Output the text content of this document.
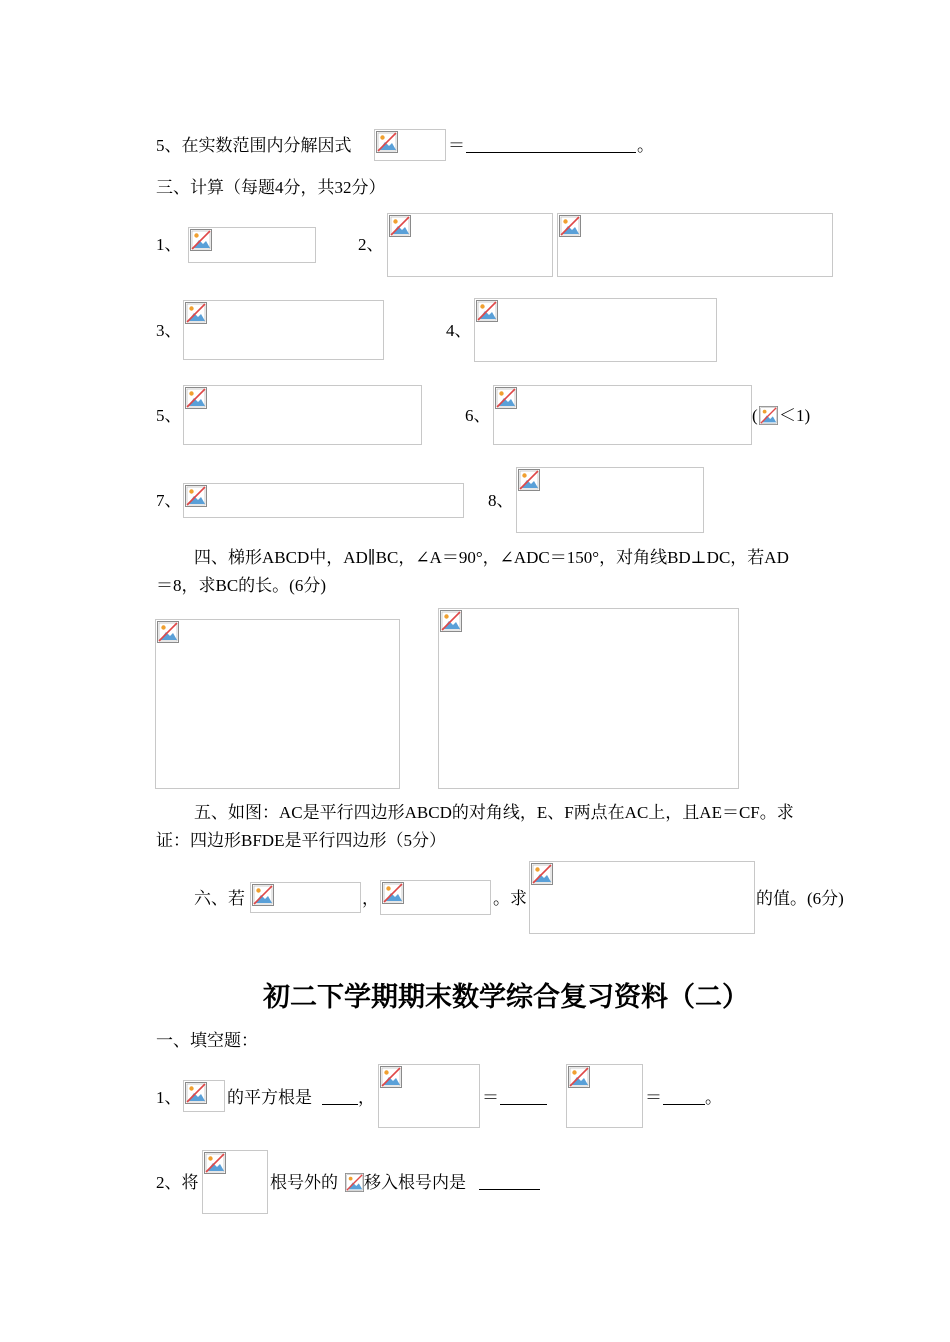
5、在实数范围内分解因式	＝	。
三、计算（每题4分，共32分）
1、	2、
3、	4、
5、	6、	( ＜1)
7、	8、
四、梯形ABCD中，AD∥BC，∠A＝90°，∠ADC＝150°，对角线BD⊥DC，若AD
＝8，求BC的长。(6分)
五、如图：AC是平行四边形ABCD的对角线，E、F两点在AC上，且AE＝CF。求
证：四边形BFDE是平行四边形（5分）
六、若	，	。求	的值。(6分)
初二下学期期末数学综合复习资料（二）
一、填空题：
1、	的平方根是	，	＝	＝	。
2、将	根号外的 移入根号内是
